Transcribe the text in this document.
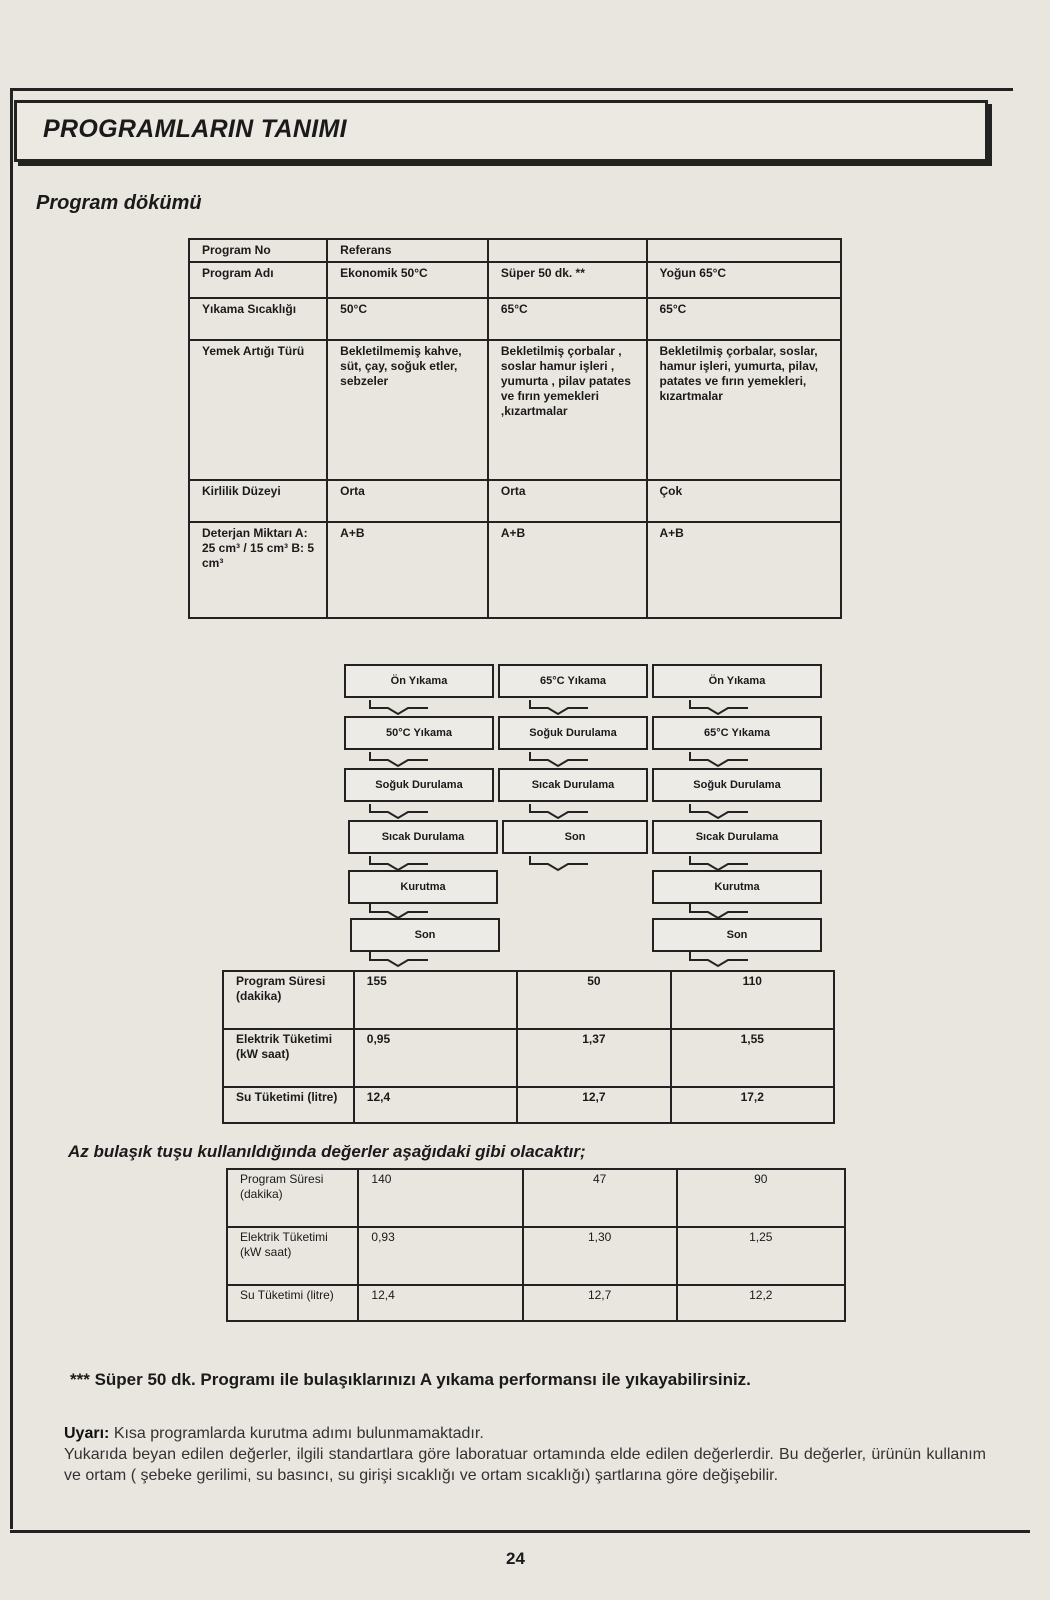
PROGRAMLARIN TANIMI
Program dökümü
Program No	Referans		
Program Adı	Ekonomik 50°C	Süper 50 dk. **	Yoğun 65°C
Yıkama Sıcaklığı	50°C	65°C	65°C
Yemek Artığı Türü	Bekletilmemiş kahve, süt, çay, soğuk etler, sebzeler	Bekletilmiş çorbalar , soslar hamur işleri , yumurta , pilav patates ve fırın yemekleri ,kızartmalar	Bekletilmiş çorbalar, soslar, hamur işleri, yumurta, pilav, patates ve fırın yemekleri, kızartmalar
Kirlilik Düzeyi	Orta	Orta	Çok
Deterjan Miktarı A: 25 cm³ / 15 cm³ B: 5 cm³	A+B	A+B	A+B
Ön Yıkama
50°C Yıkama
Soğuk Durulama
Sıcak Durulama
Kurutma
Son
65°C Yıkama
Soğuk Durulama
Sıcak Durulama
Son
Ön Yıkama
65°C Yıkama
Soğuk Durulama
Sıcak Durulama
Kurutma
Son
Program Süresi (dakika)	155	50	110
Elektrik Tüketimi (kW saat)	0,95	1,37	1,55
Su Tüketimi (litre)	12,4	12,7	17,2
Az bulaşık tuşu kullanıldığında değerler aşağıdaki gibi olacaktır;
Program Süresi (dakika)	140	47	90
Elektrik Tüketimi (kW saat)	0,93	1,30	1,25
Su Tüketimi (litre)	12,4	12,7	12,2
*** Süper 50 dk. Programı ile bulaşıklarınızı A yıkama performansı ile yıkayabilirsiniz.
Uyarı: Kısa programlarda kurutma adımı bulunmamaktadır.
Yukarıda beyan edilen değerler, ilgili standartlara göre laboratuar ortamında elde edilen değerlerdir. Bu değerler, ürünün kullanım ve ortam ( şebeke gerilimi, su basıncı, su girişi sıcaklığı ve ortam sıcaklığı) şartlarına göre değişebilir.
24
